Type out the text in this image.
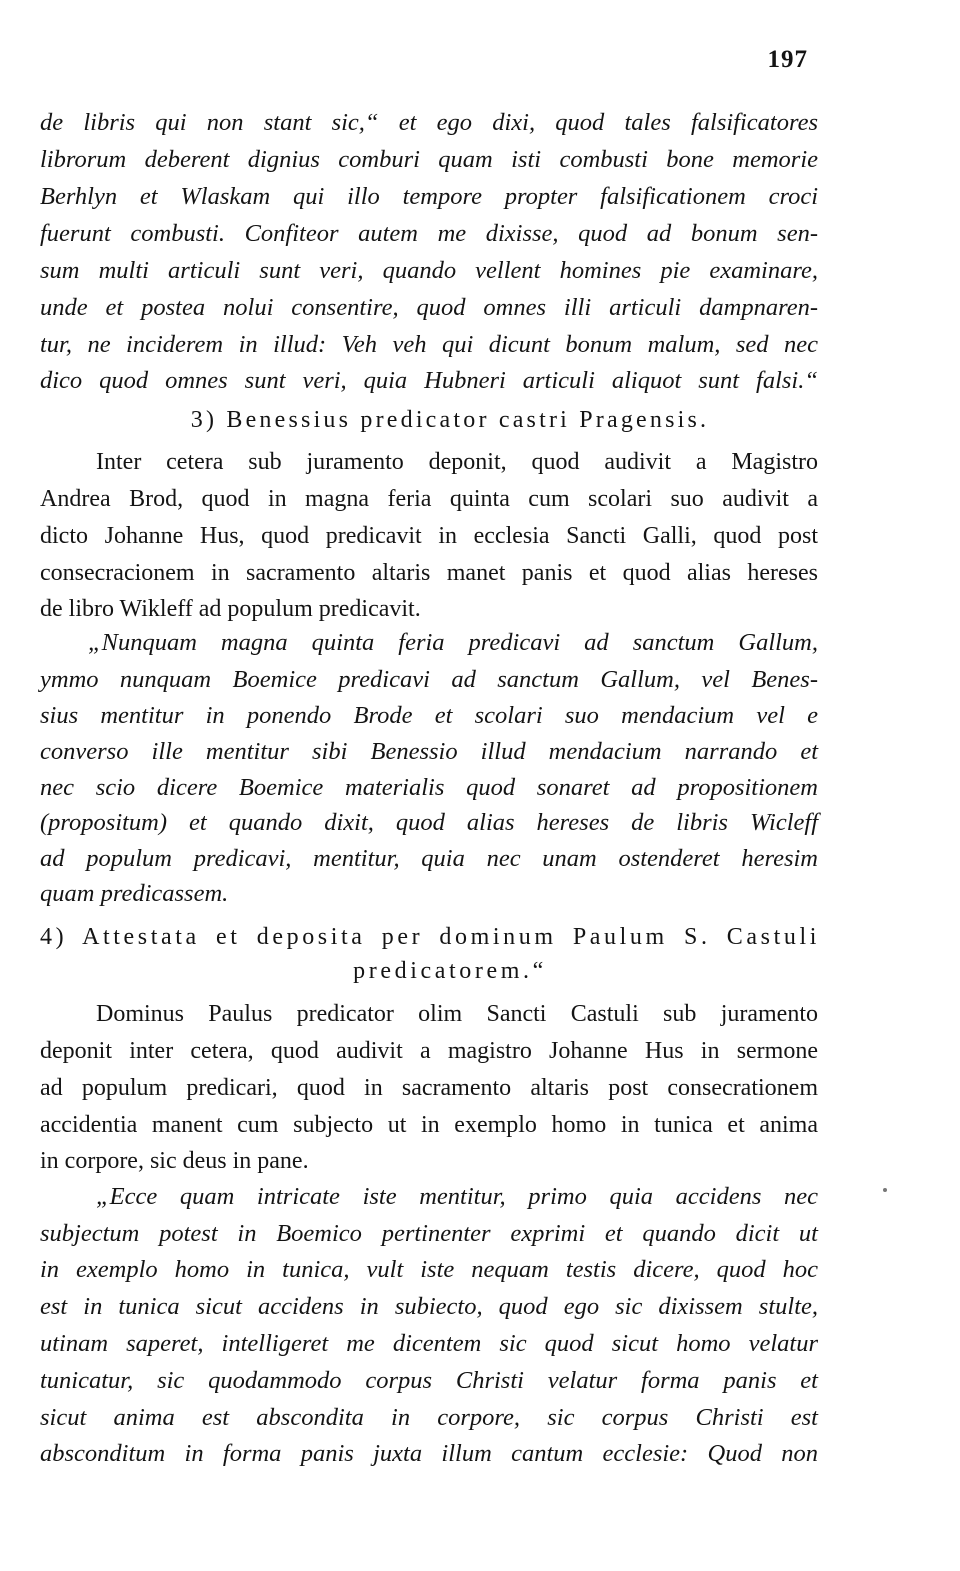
197
de libris qui non stant sic,“ et ego dixi, quod tales falsificatores
librorum deberent dignius comburi quam isti combusti bone memorie
Berhlyn et Wlaskam qui illo tempore propter falsificationem croci
fuerunt combusti. Confiteor autem me dixisse, quod ad bonum sen-
sum multi articuli sunt veri, quando vellent homines pie examinare,
unde et postea nolui consentire, quod omnes illi articuli dampnaren-
tur, ne inciderem in illud: Veh veh qui dicunt bonum malum, sed nec
dico quod omnes sunt veri, quia Hubneri articuli aliquot sunt falsi.“
3) Benessius predicator castri Pragensis.
Inter cetera sub juramento deponit, quod audivit a Magistro
Andrea Brod, quod in magna feria quinta cum scolari suo audivit a
dicto Johanne Hus, quod predicavit in ecclesia Sancti Galli, quod post
consecracionem in sacramento altaris manet panis et quod alias hereses
de libro Wikleff ad populum predicavit.
„Nunquam magna quinta feria predicavi ad sanctum Gallum,
ymmo nunquam Boemice predicavi ad sanctum Gallum, vel Benes-
sius mentitur in ponendo Brode et scolari suo mendacium vel e
converso ille mentitur sibi Benessio illud mendacium narrando et
nec scio dicere Boemice materialis quod sonaret ad propositionem
(propositum) et quando dixit, quod alias hereses de libris Wicleff
ad populum predicavi, mentitur, quia nec unam ostenderet heresim
quam predicassem.
4) Attestata et deposita per dominum Paulum S. Castuli
predicatorem.“
Dominus Paulus predicator olim Sancti Castuli sub juramento
deponit inter cetera, quod audivit a magistro Johanne Hus in sermone
ad populum predicari, quod in sacramento altaris post consecrationem
accidentia manent cum subjecto ut in exemplo homo in tunica et anima
in corpore, sic deus in pane.
„Ecce quam intricate iste mentitur, primo quia accidens nec
subjectum potest in Boemico pertinenter exprimi et quando dicit ut
in exemplo homo in tunica, vult iste nequam testis dicere, quod hoc
est in tunica sicut accidens in subiecto, quod ego sic dixissem stulte,
utinam saperet, intelligeret me dicentem sic quod sicut homo velatur
tunicatur, sic quodammodo corpus Christi velatur forma panis et
sicut anima est abscondita in corpore, sic corpus Christi est
absconditum in forma panis juxta illum cantum ecclesie: Quod non
